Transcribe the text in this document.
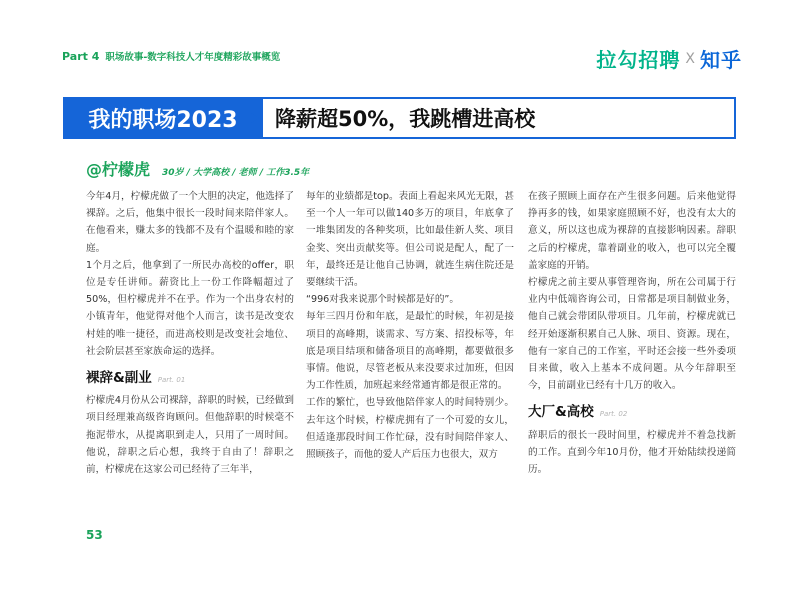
Part 4 职场故事-数字科技人才年度精彩故事概览	拉勾招聘 X 知乎
降薪超50%，我跳槽进高校
我的职场2023
@柠檬虎 30岁 / 大学高校 / 老师 / 工作3.5年

今年4月，柠檬虎做了一个大胆的决定，他选择了裸辞。之后，他集中很长一段时间来陪伴家人。在他看来，赚太多的钱都不及有个温暖和睦的家庭。

1个月之后，他拿到了一所民办高校的offer，职位是专任讲师。薪资比上一份工作降幅超过了50%，但柠檬虎并不在乎。作为一个出身农村的小镇青年，他觉得对他个人而言，读书是改变农村娃的唯一捷径，而进高校则是改变社会地位、社会阶层甚至家族命运的选择。

裸辞&副业 Part. 01

柠檬虎4月份从公司裸辞，辞职的时候，已经做到项目经理兼高级咨询顾问。但他辞职的时候毫不拖泥带水，从提离职到走人，只用了一周时间。他说，辞职之后心想，我终于自由了！辞职之前，柠檬虎在这家公司已经待了三年半，

每年的业绩都是top。表面上看起来风光无限，甚至一个人一年可以做140多万的项目，年底拿了一堆集团发的各种奖项，比如最佳新人奖、项目金奖、突出贡献奖等。但公司说是配人，配了一年，最终还是让他自己协调，就连生病住院还是要继续干活。

“996对我来说那个时候都是好的”。

每年三四月份和年底，是最忙的时候，年初是接项目的高峰期，谈需求、写方案、招投标等，年底是项目结项和储备项目的高峰期，都要做很多事情。他说，尽管老板从来没要求过加班，但因为工作性质，加班起来经常通宵都是很正常的。

工作的繁忙，也导致他陪伴家人的时间特别少。去年这个时候，柠檬虎拥有了一个可爱的女儿，但适逢那段时间工作忙碌，没有时间陪伴家人、照顾孩子，而他的爱人产后压力也很大，双方

在孩子照顾上面存在产生很多问题。后来他觉得挣再多的钱，如果家庭照顾不好，也没有太大的意义，所以这也成为裸辞的直接影响因素。辞职之后的柠檬虎，靠着副业的收入，也可以完全覆盖家庭的开销。

柠檬虎之前主要从事管理咨询，所在公司属于行业内中低端咨询公司，日常都是项目制做业务，他自己就会带团队带项目。几年前，柠檬虎就已经开始逐渐积累自己人脉、项目、资源。现在，他有一家自己的工作室，平时还会接一些外委项目来做，收入上基本不成问题。从今年辞职至今，目前副业已经有十几万的收入。

大厂&高校 Part. 02

辞职后的很长一段时间里，柠檬虎并不着急找新的工作。直到今年10月份，他才开始陆续投递简历。

53
